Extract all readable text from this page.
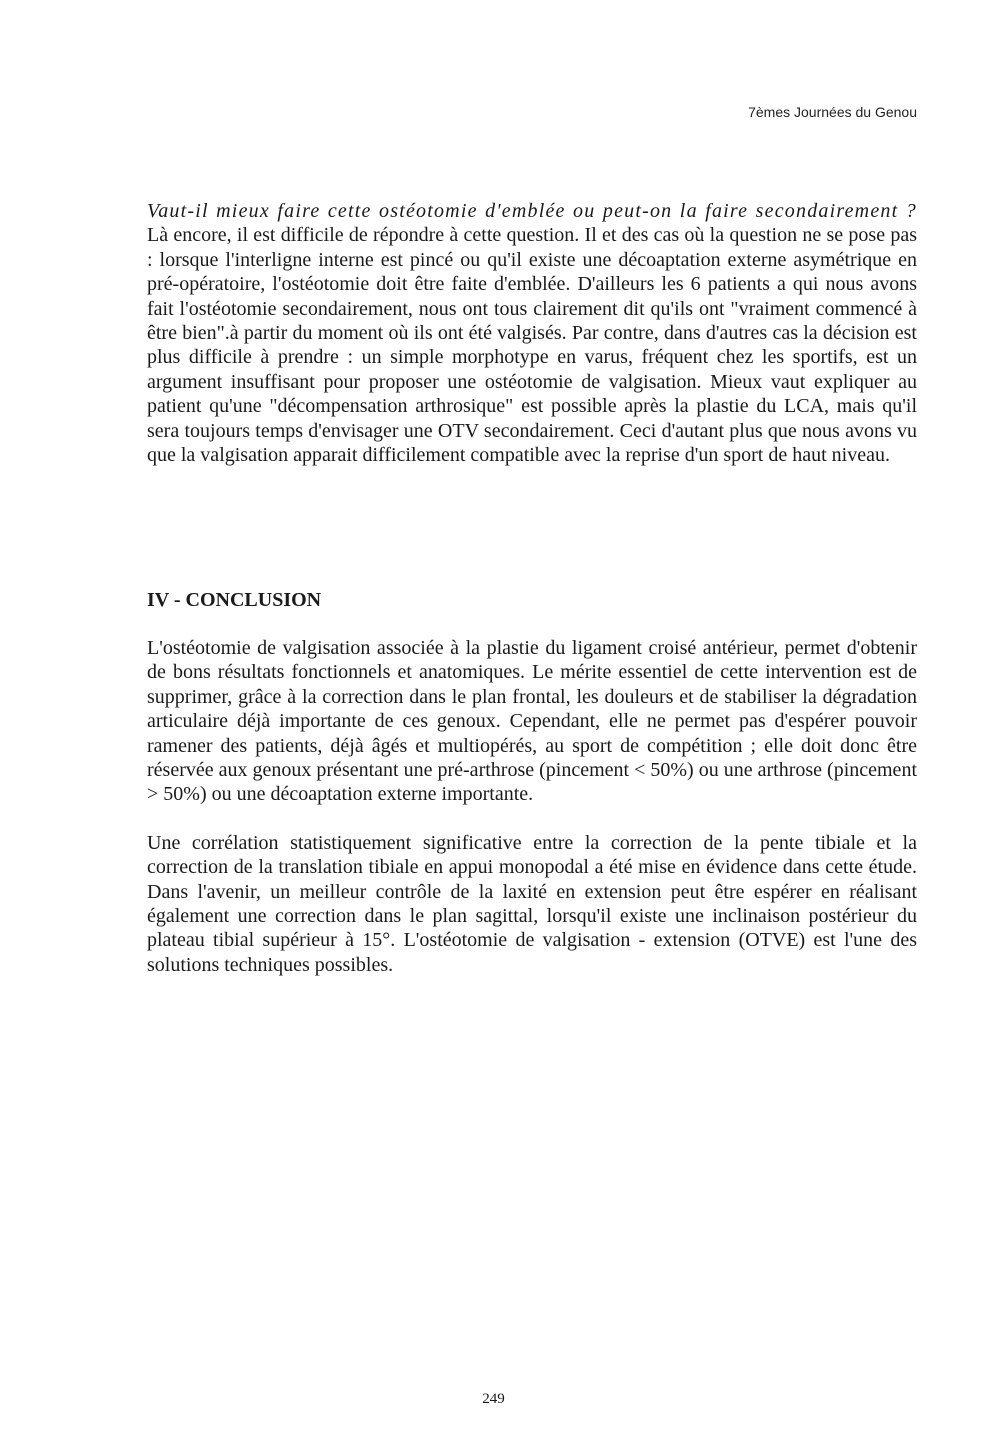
7èmes Journées du Genou

Vaut-il mieux faire cette ostéotomie d'emblée ou peut-on la faire secondairement ? Là encore, il est difficile de répondre à cette question. Il et des cas où la question ne se pose pas : lorsque l'interligne interne est pincé ou qu'il existe une décoaptation externe asymétrique en pré-opératoire, l'ostéotomie doit être faite d'emblée. D'ailleurs les 6 patients a qui nous avons fait l'ostéotomie secondairement, nous ont tous clairement dit qu'ils ont "vraiment commencé à être bien".à partir du moment où ils ont été valgisés. Par contre, dans d'autres cas la décision est plus difficile à prendre : un simple morphotype en varus, fréquent chez les sportifs, est un argument insuffisant pour proposer une ostéotomie de valgisation. Mieux vaut expliquer au patient qu'une "décompensation arthrosique" est possible après la plastie du LCA, mais qu'il sera toujours temps d'envisager une OTV secondairement. Ceci d'autant plus que nous avons vu que la valgisation apparait difficilement compatible avec la reprise d'un sport de haut niveau.

IV - CONCLUSION

L'ostéotomie de valgisation associée à la plastie du ligament croisé antérieur, permet d'obtenir de bons résultats fonctionnels et anatomiques. Le mérite essentiel de cette intervention est de supprimer, grâce à la correction dans le plan frontal, les douleurs et de stabiliser la dégradation articulaire déjà importante de ces genoux. Cependant, elle ne permet pas d'espérer pouvoir ramener des patients, déjà âgés et multiopérés, au sport de compétition ; elle doit donc être réservée aux genoux présentant une pré-arthrose (pincement < 50%) ou une arthrose (pincement > 50%) ou une décoaptation externe importante.

Une corrélation statistiquement significative entre la correction de la pente tibiale et la correction de la translation tibiale en appui monopodal a été mise en évidence dans cette étude. Dans l'avenir, un meilleur contrôle de la laxité en extension peut être espérer en réalisant également une correction dans le plan sagittal, lorsqu'il existe une inclinaison postérieur du plateau tibial supérieur à 15°. L'ostéotomie de valgisation - extension (OTVE) est l'une des solutions techniques possibles.

249
